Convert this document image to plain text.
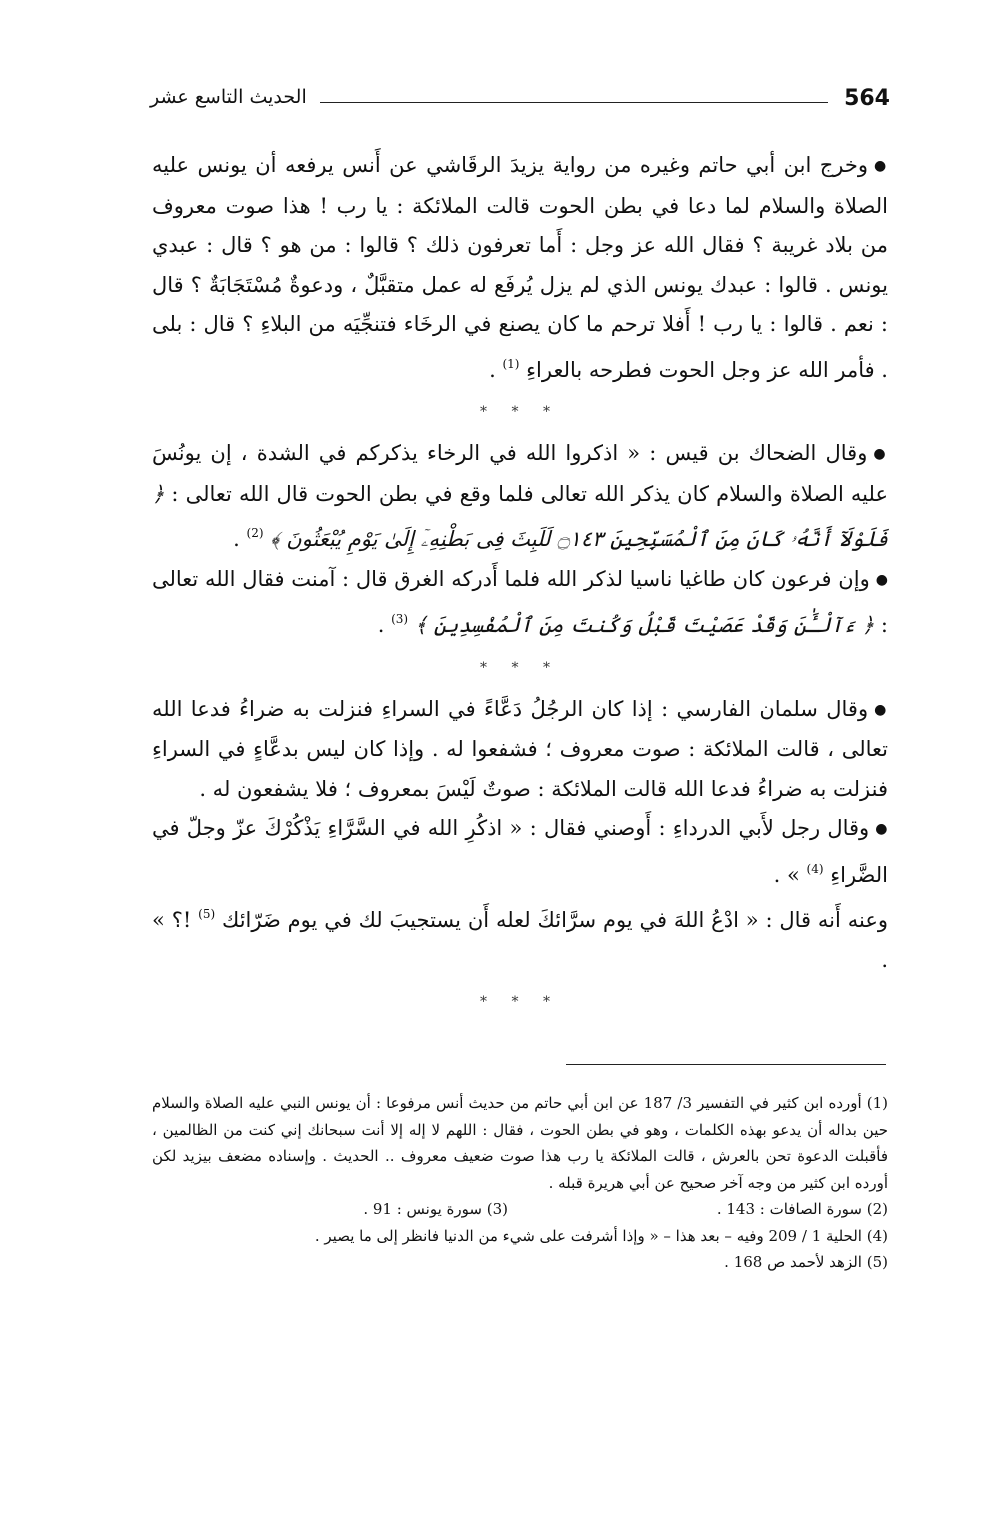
564
الحديث التاسع عشر

●وخرج ابن أبي حاتم وغيره من رواية يزيدَ الرقَاشي عن أَنس يرفعه أن يونس عليه الصلاة والسلام لما دعا في بطن الحوت قالت الملائكة : يا رب ! هذا صوت معروف من بلاد غريبة ؟ فقال الله عز وجل : أَما تعرفون ذلك ؟ قالوا : من هو ؟ قال : عبدي يونس . قالوا : عبدك يونس الذي لم يزل يُرفَع له عمل متقبَّلٌ ، ودعوةٌ مُسْتَجَابَةٌ ؟ قال : نعم . قالوا : يا رب ! أَفلا ترحم ما كان يصنع في الرخَاء فتنجِّيَه من البلاءِ ؟ قال : بلى . فأمر الله عز وجل الحوت فطرحه بالعراءِ $^{(1)}$ .

* * *

●وقال الضحاك بن قيس : « اذكروا الله في الرخاء يذكركم في الشدة ، إن يونُسَ عليه الصلاة والسلام كان يذكر الله تعالى فلما وقع في بطن الحوت قال الله تعالى : ﴿ فَلَوْلَآ أَنَّهُۥ كَانَ مِنَ ٱلْمُسَبِّحِينَ ۝١٤٣ لَلَبِثَ فِى بَطْنِهِۦٓ إِلَىٰ يَوْمِ يُبْعَثُونَ ﴾ $^{(2)}$ .

●وإن فرعون كان طاغيا ناسيا لذكر الله فلما أَدركه الغرق قال : آمنت فقال الله تعالى : ﴿ ءَآلْـَٰٔنَ وَقَدْ عَصَيْتَ قَبْلُ وَكُنتَ مِنَ ٱلْمُفْسِدِينَ ﴾ $^{(3)}$ .

* * *

●وقال سلمان الفارسي : إذا كان الرجُلُ دَعَّاءً في السراءِ فنزلت به ضراءُ فدعا الله تعالى ، قالت الملائكة : صوت معروف ؛ فشفعوا له . وإذا كان ليس بدعَّاءٍ في السراءِ فنزلت به ضراءُ فدعا الله قالت الملائكة : صوتٌ لَيْسَ بمعروف ؛ فلا يشفعون له .

●وقال رجل لأَبي الدرداءِ : أَوصني فقال : « اذكُرِ الله في السَّرَّاءِ يَذْكُرْكَ عزّ وجلّ في الضَّراءِ $^{(4)}$ » .

وعنه أَنه قال : « ادْعُ اللهَ في يوم سرَّائكَ لعله أَن يستجيبَ لك في يوم ضَرّائك $^{(5)}$ !؟ » .

* * *

(1) أورده ابن كثير في التفسير 3/ 187 عن ابن أبي حاتم من حديث أنس مرفوعا : أن يونس النبي عليه الصلاة والسلام حين بداله أن يدعو بهذه الكلمات ، وهو في بطن الحوت ، فقال : اللهم لا إله إلا أنت سبحانك إني كنت من الظالمين ، فأقبلت الدعوة تحن بالعرش ، قالت الملائكة يا رب هذا صوت ضعيف معروف .. الحديث . وإسناده مضعف بيزيد لكن أورده ابن كثير من وجه آخر صحيح عن أبي هريرة قبله .

(2) سورة الصافات : 143 .
(3) سورة يونس : 91 .

(4) الحلية 1 / 209 وفيه – بعد هذا – « وإذا أشرفت على شيء من الدنيا فانظر إلى ما يصير .

(5) الزهد لأحمد ص 168 .
